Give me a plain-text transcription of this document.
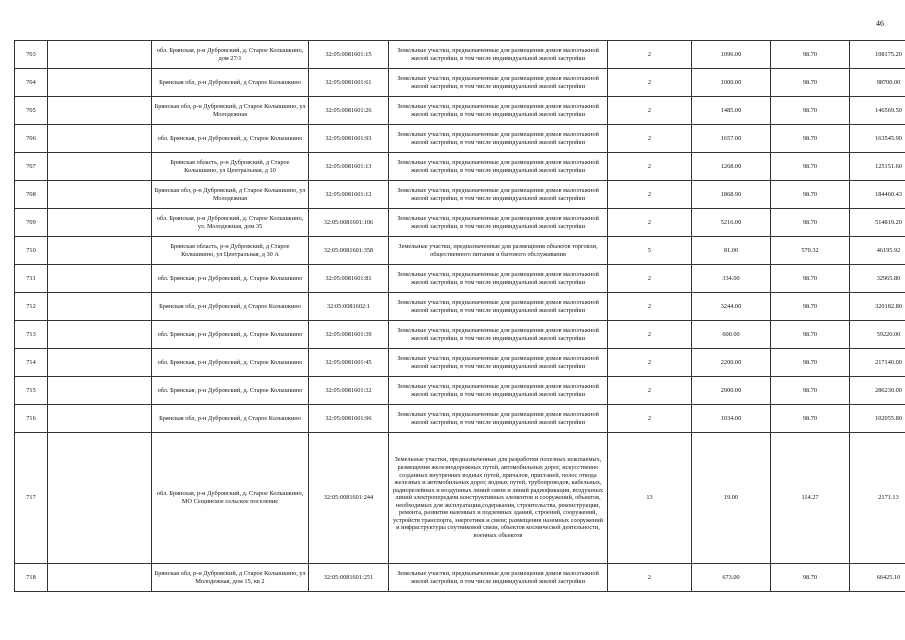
46
703		обл. Брянская, р-н Дубровский, д. Старое Колышкино, дом 27/1	32:05:0081601:15	Земельные участки, предназначенные для размещения домов малоэтажной жилой застройки, в том числе индивидуальной жилой застройки	2	1096.00	98.70	108175.20
704		Брянская обл, р-н Дубровский, д Старое Колышкино	32:05:0081601:61	Земельные участки, предназначенные для размещения домов малоэтажной жилой застройки, в том числе индивидуальной жилой застройки	2	1000.00	98.70	98700.00
705		Брянская обл, р-н Дубровский, д Старое Колышкино, ул Молодежная	32:05:0081601:26	Земельные участки, предназначенные для размещения домов малоэтажной жилой застройки, в том числе индивидуальной жилой застройки	2	1485.00	98.70	146569.50
706		обл. Брянская, р-н Дубровский, д. Старое Колышкино	32:05:0081601:93	Земельные участки, предназначенные для размещения домов малоэтажной жилой застройки, в том числе индивидуальной жилой застройки	2	1657.00	98.70	163545.90
707		Брянская область, р-н Дубровский, д Старое Колышкино, ул Центральная, д 10	32:05:0081601:13	Земельные участки, предназначенные для размещения домов малоэтажной жилой застройки, в том числе индивидуальной жилой застройки	2	1268.00	98.70	125151.60
708		Брянская обл, р-н Дубровский, д Старое Колышкино, ул Молодежная	32:05:0081601:12	Земельные участки, предназначенные для размещения домов малоэтажной жилой застройки, в том числе индивидуальной жилой застройки	2	1868.90	98.70	184460.43
709		обл. Брянская, р-н Дубровский, д. Старое Колышкино, ул. Молодежная, дом 35	32:05:0081601:106	Земельные участки, предназначенные для размещения домов малоэтажной жилой застройки, в том числе индивидуальной жилой застройки	2	5216.00	98.70	514819.20
710		Брянская область, р-н Дубровский, д Старое Колышкино, ул Центральная, д 30 А	32:05:0081601:358	Земельные участки, предназначенные для размещения объектов торговли, общественного питания и бытового обслуживания	5	81.00	570.32	46195.92
711		обл. Брянская, р-н Дубровский, д. Старое Колышкино	32:05:0081601:81	Земельные участки, предназначенные для размещения домов малоэтажной жилой застройки, в том числе индивидуальной жилой застройки	2	334.00	98.70	32965.80
712		Брянская обл, р-н Дубровский, д Старое Колышкино	32:05:0081602:1	Земельные участки, предназначенные для размещения домов малоэтажной жилой застройки, в том числе индивидуальной жилой застройки	2	3244.00	98.70	320182.80
713		обл. Брянская, р-н Дубровский, д. Старое Колышкино	32:05:0081601:39	Земельные участки, предназначенные для размещения домов малоэтажной жилой застройки, в том числе индивидуальной жилой застройки	2	600.00	98.70	59220.00
714		обл. Брянская, р-н Дубровский, д. Старое Колышкино	32:05:0081601:45	Земельные участки, предназначенные для размещения домов малоэтажной жилой застройки, в том числе индивидуальной жилой застройки	2	2200.00	98.70	217140.00
715		обл. Брянская, р-н Дубровский, д. Старое Колышкино	32:05:0081601:32	Земельные участки, предназначенные для размещения домов малоэтажной жилой застройки, в том числе индивидуальной жилой застройки	2	2900.00	98.70	286230.00
716		Брянская обл, р-н Дубровский, д Старое Колышкино	32:05:0081601:96	Земельные участки, предназначенные для размещения домов малоэтажной жилой застройки, в том числе индивидуальной жилой застройки	2	1034.00	98.70	102055.80
717		обл. Брянская, р-н Дубровский, д. Старое Колышкино, МО Сещинское сельское поселение	32:05:0081601:244	Земельные участки, предназначенные для разработки полезных ископаемых, размещения железнодорожных путей, автомобильных дорог, искусственно созданных внутренних водных путей, причалов, пристаней, полос отвода железных и автомобильных дорог, водных путей, трубопроводов, кабельных, радиорелейных и воздушных линий связи и линий радиофикации, воздушных линий электропередачи конструктивных элементов и сооружений, объектов, необходимых для эксплуатации,содержания, строительства, реконструкции, ремонта, развития наземных и подземных зданий, строений, сооружений, устройств транспорта, энергетики и связи; размещения наземных сооружений и инфраструктуры спутниковой связи, объектов космической деятельности, военных объектов	13	19.00	114.27	2171.13
718		Брянская обл, р-н Дубровский, д Старое Колышкино, ул Молодежная, дом 15, кв 2	32:05:0081601:251	Земельные участки, предназначенные для размещения домов малоэтажной жилой застройки, в том числе индивидуальной жилой застройки	2	673.00	98.70	66425.10
